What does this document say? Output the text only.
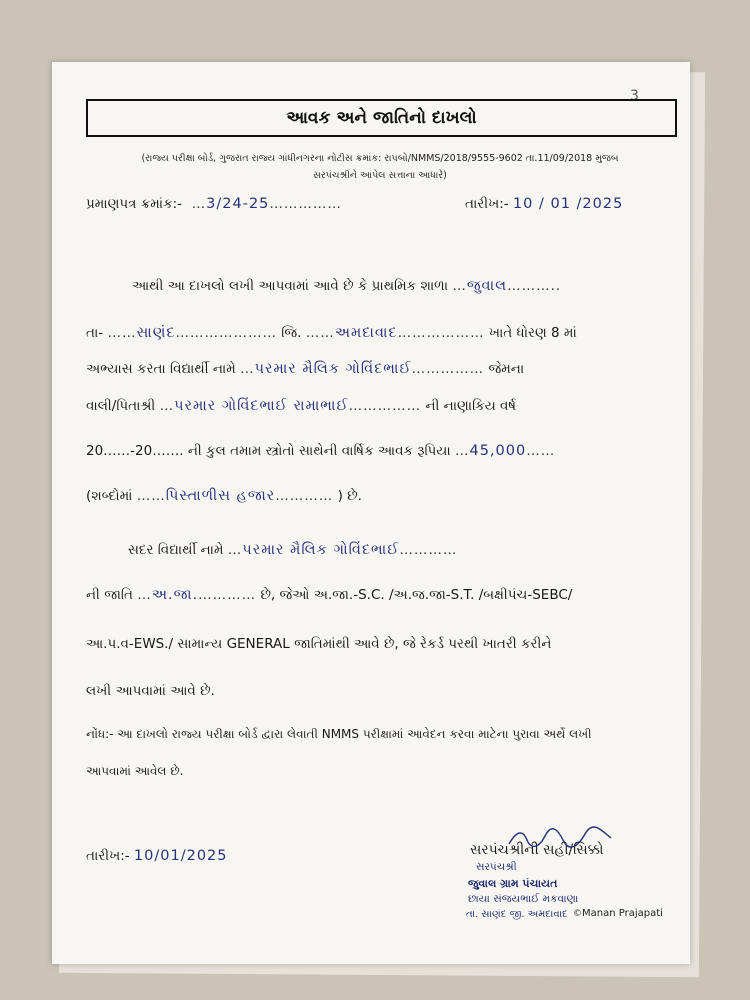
3
આવક અને જાતિનો દાખલો
(રાજ્ય પરીક્ષા બોર્ડ, ગુજરાત રાજ્ય ગાંધીનગરના નોટીસ ક્રમાંક: રાપબો/NMMS/2018/9555-9602 તા.11/09/2018 મુજબ
સરપંચશ્રીને આપેલ સત્તાના આધારે)
પ્રમાણપત્ર ક્રમાંક:-  …3/24-25……………	તારીખ:- 10 / 01 /2025
આથી આ દાખલો લખી આપવામાં આવે છે કે પ્રાથમિક શાળા …જુવાલ………..
તા- ……સાણંદ………………… જિ. ……અમદાવાદ……………… ખાતે ધોરણ 8 માં
અભ્યાસ કરતા વિદ્યાર્થી નામે …પરમાર મૈલિક ગોવિંદભાઈ…………… જેમના
વાલી/પિતાશ્રી …પરમાર ગોવિંદભાઈ રામાભાઈ…………… ની નાણાકિય વર્ષ
20……-20……. ની કુલ તમામ સ્ત્રોતો સાથેની વાર્ષિક આવક રૂપિયા …45,000……
(શબ્દોમાં ……પિસ્તાળીસ હજાર………… ) છે.
સદર વિદ્યાર્થી નામે …પરમાર મૈલિક ગોવિંદભાઈ…………
ની જાતિ …અ.જા.………… છે, જેઓ અ.જા.-S.C. /અ.જ.જા-S.T. /બક્ષીપંચ-SEBC/
આ.પ.વ-EWS./ સામાન્ય GENERAL જાતિમાંથી આવે છે, જે રેકર્ડ પરથી ખાતરી કરીને
લખી આપવામાં આવે છે.
નોંધ:- આ દાખલો રાજ્ય પરીક્ષા બોર્ડ દ્વારા લેવાતી NMMS પરીક્ષામાં આવેદન કરવા માટેના પુરાવા અર્થે લખી
આપવામાં આવેલ છે.
તારીખ:- 10/01/2025	સરપંચશ્રીની સહી/સિક્કો
સરપંચશ્રી
જુવાલ ગ્રામ પંચાયત
છાયા સંજયભાઈ મકવાણા
તા. સાણંદ જી. અમદાવાદ ©Manan Prajapati
